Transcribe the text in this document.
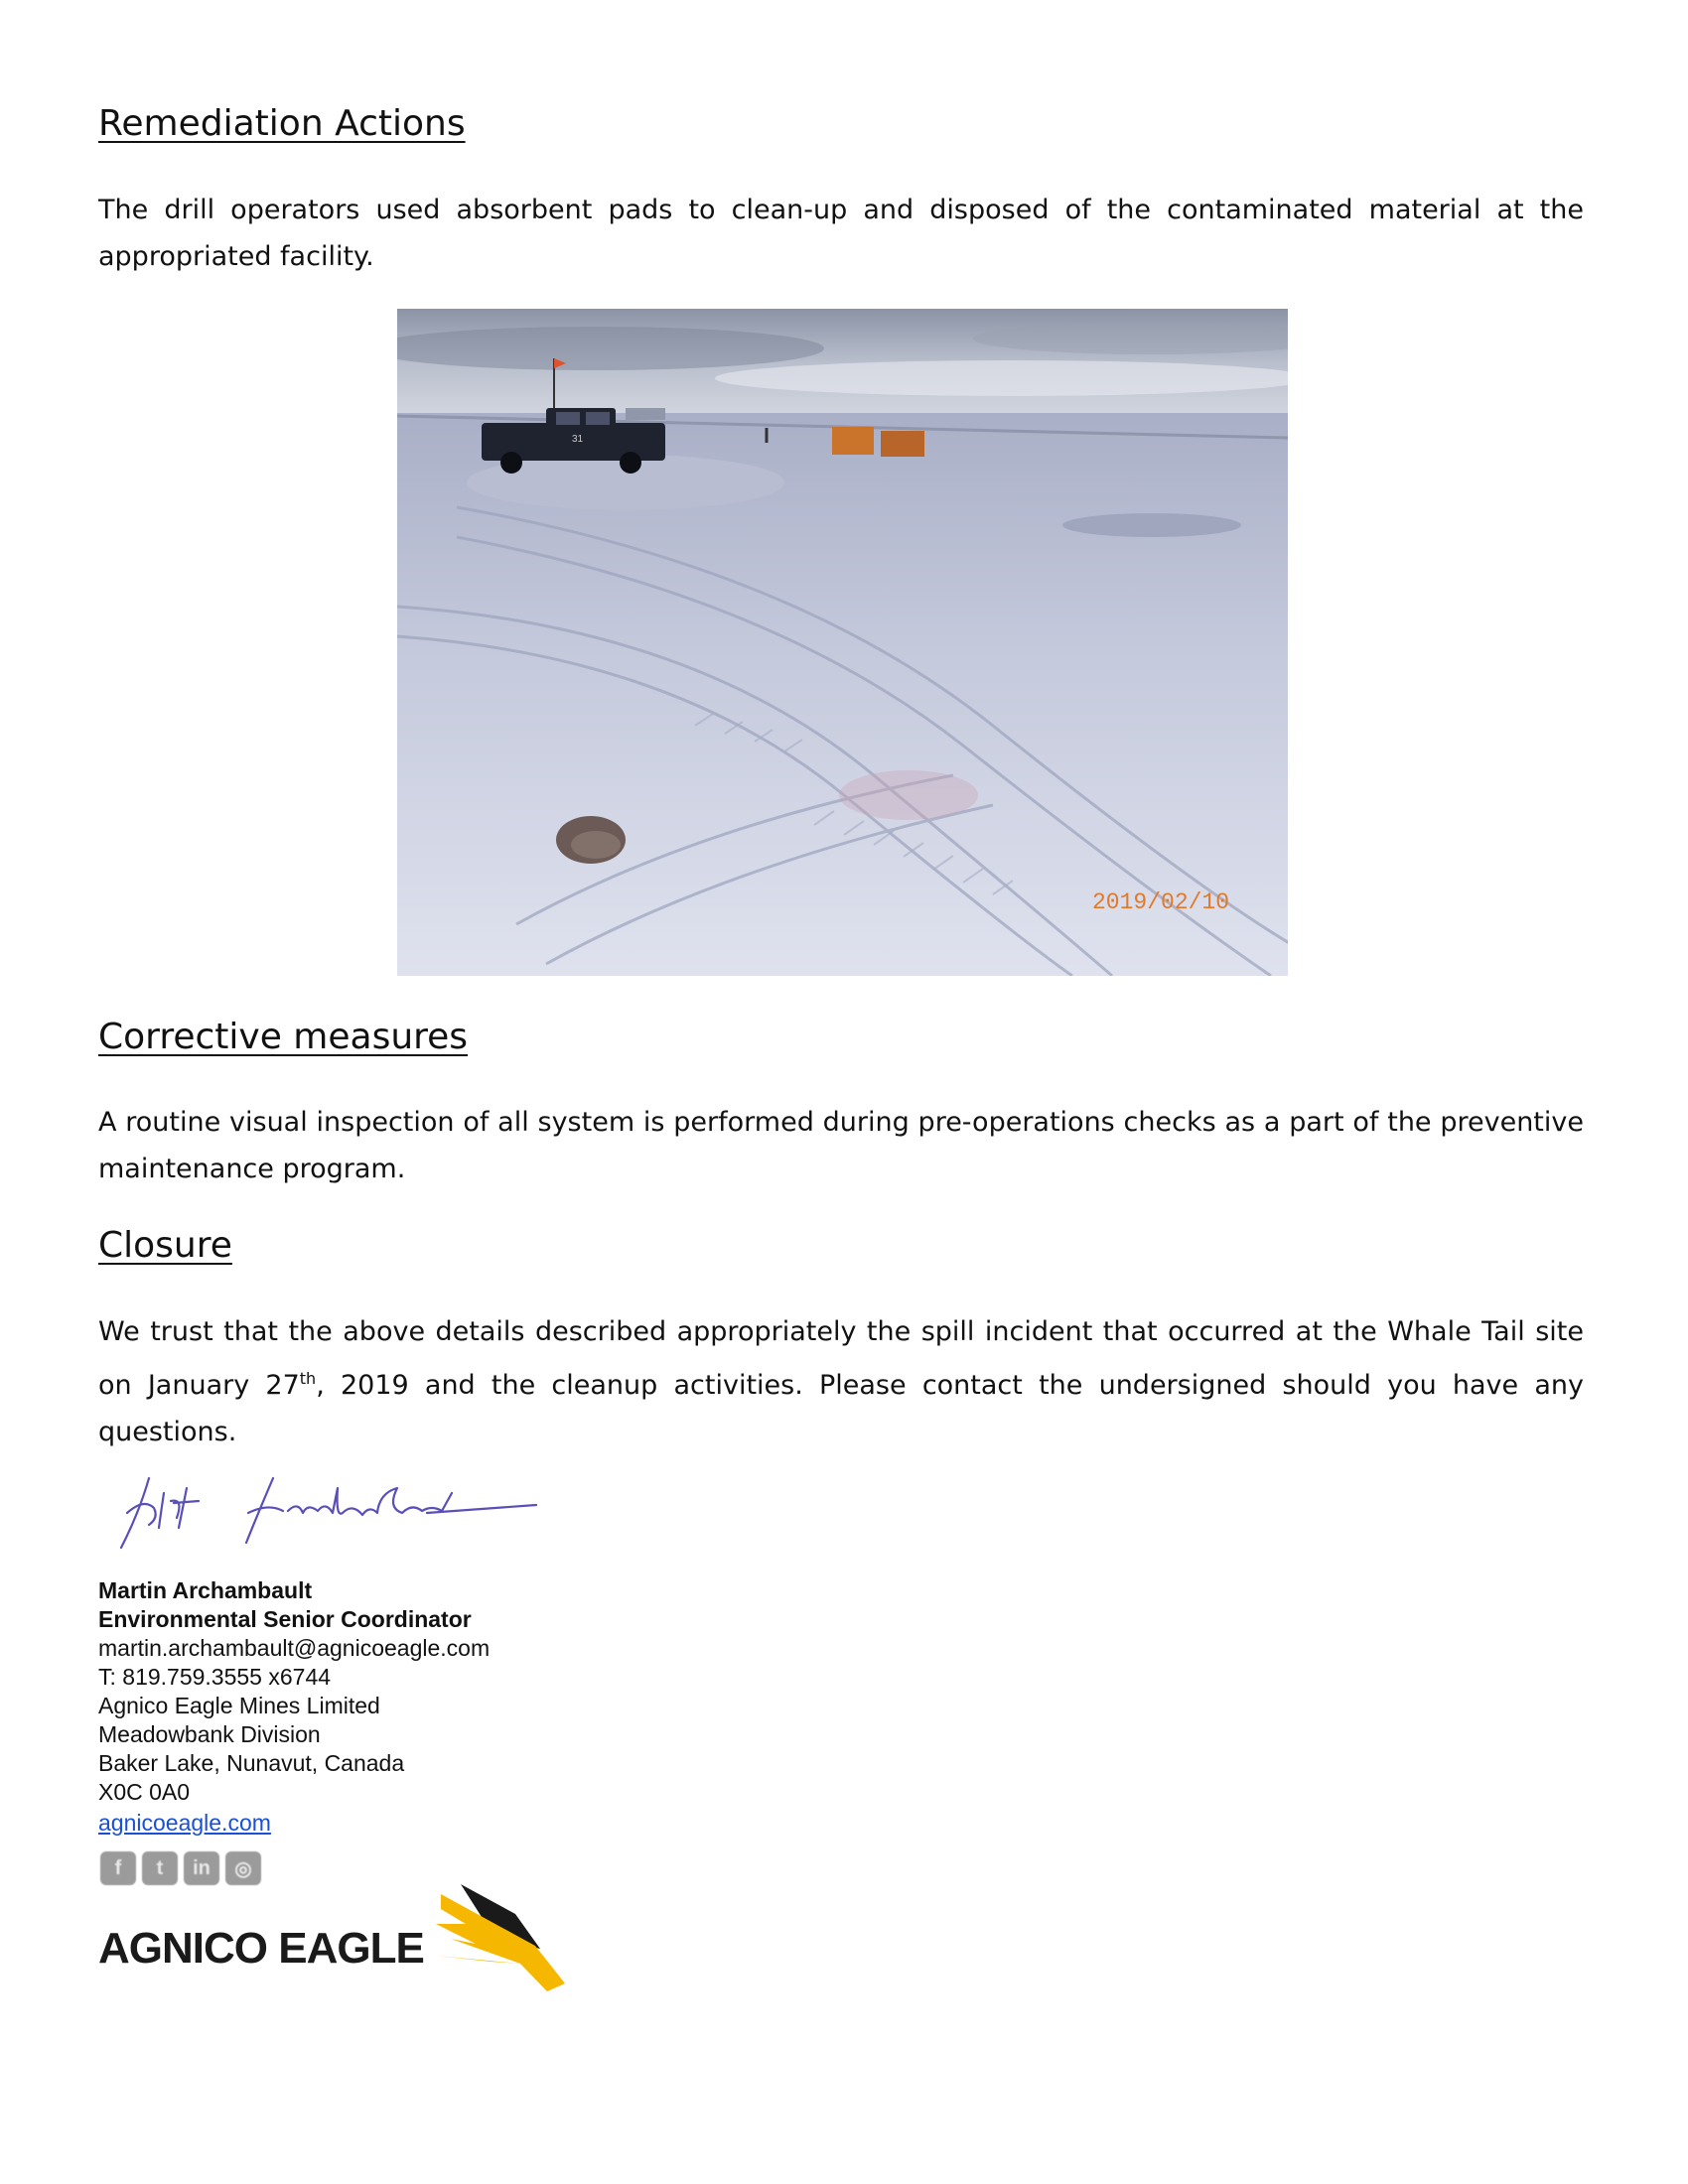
Remediation Actions

The drill operators used absorbent pads to clean-up and disposed of the contaminated material at the appropriated facility.

31
2019/02/10
Corrective measures

A routine visual inspection of all system is performed during pre-operations checks as a part of the preventive maintenance program.

Closure

We trust that the above details described appropriately the spill incident that occurred at the Whale Tail site on January 27th, 2019 and the cleanup activities. Please contact the undersigned should you have any questions.

Martin Archambault
Environmental Senior Coordinator
martin.archambault@agnicoeagle.com
T: 819.759.3555 x6744
Agnico Eagle Mines Limited
Meadowbank Division
Baker Lake, Nunavut, Canada
X0C 0A0
agnicoeagle.com
f	t	in	◎
AGNICO EAGLE
